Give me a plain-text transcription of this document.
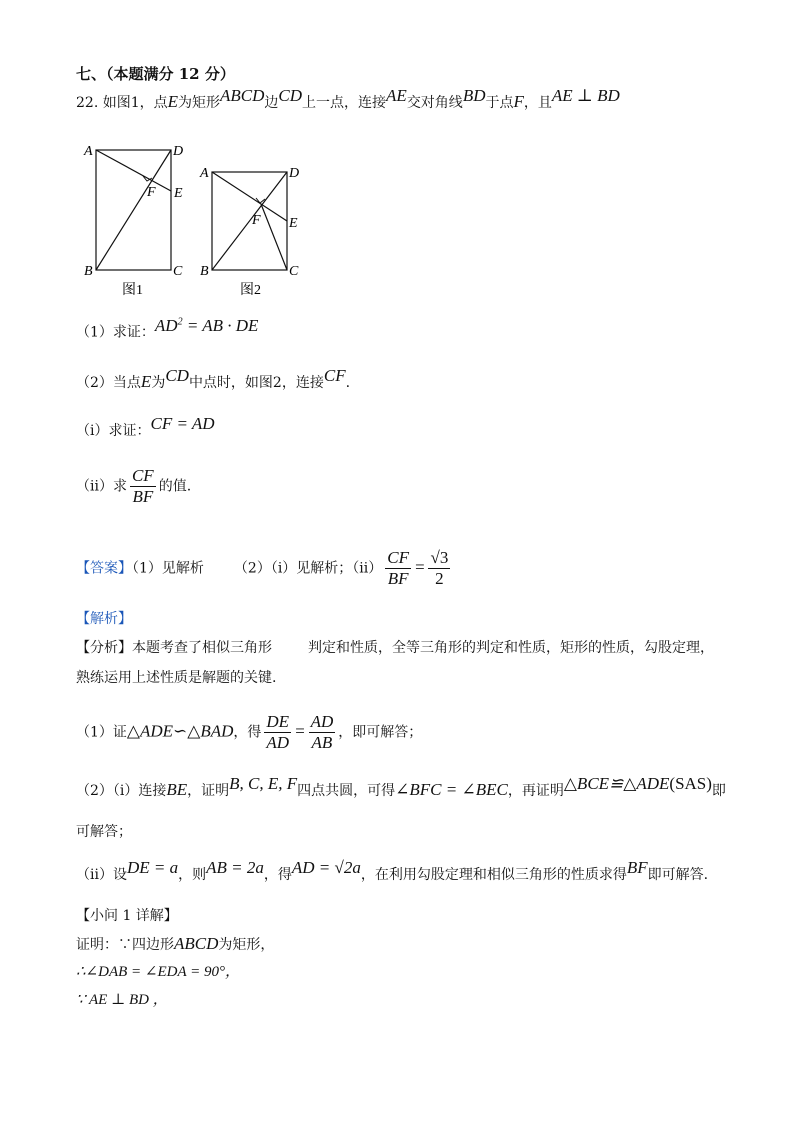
七、（本题满分 12 分）
22. 如图1，点E为矩形ABCD边CD上一点，连接AE交对角线BD于点F，且AE ⊥ BD
A	D
B	C
E
F
图1
A	D
B	C
E
F
图2
（1）求证：$AD^2$ = AB · DE
（2）当点E为CD中点时，如图2，连接CF.
（i）求证：CF = AD
（ii）求 $\frac{CF}{BF}$ 的值.
【答案】（1）见解析 （2）（i）见解析；$(ii) \frac{CF}{BF} = \frac{√3}{2}$
【解析】
【分析】本题考查了相似三角形	判定和性质，全等三角形的判定和性质，矩形的性质，勾股定理，
熟练运用上述性质是解题的关键.
（1）证△ADE∽△BAD，得 $\frac{DE}{AD} = \frac{AD}{AB}$ ，即可解答；
（2）（i）连接BE，证明B, C, E, F四点共圆，可得∠BFC = ∠BEC，再证明△BCE≌△ADE(SAS)即
可解答；
（ii）设DE = a，则AB = 2a，得AD = √2a，在利用勾股定理和相似三角形的性质求得BF即可解答.
【小问 1 详解】
证明：∵四边形ABCD为矩形，
∴∠DAB = ∠EDA = 90°，
∵ AE ⊥ BD ，
